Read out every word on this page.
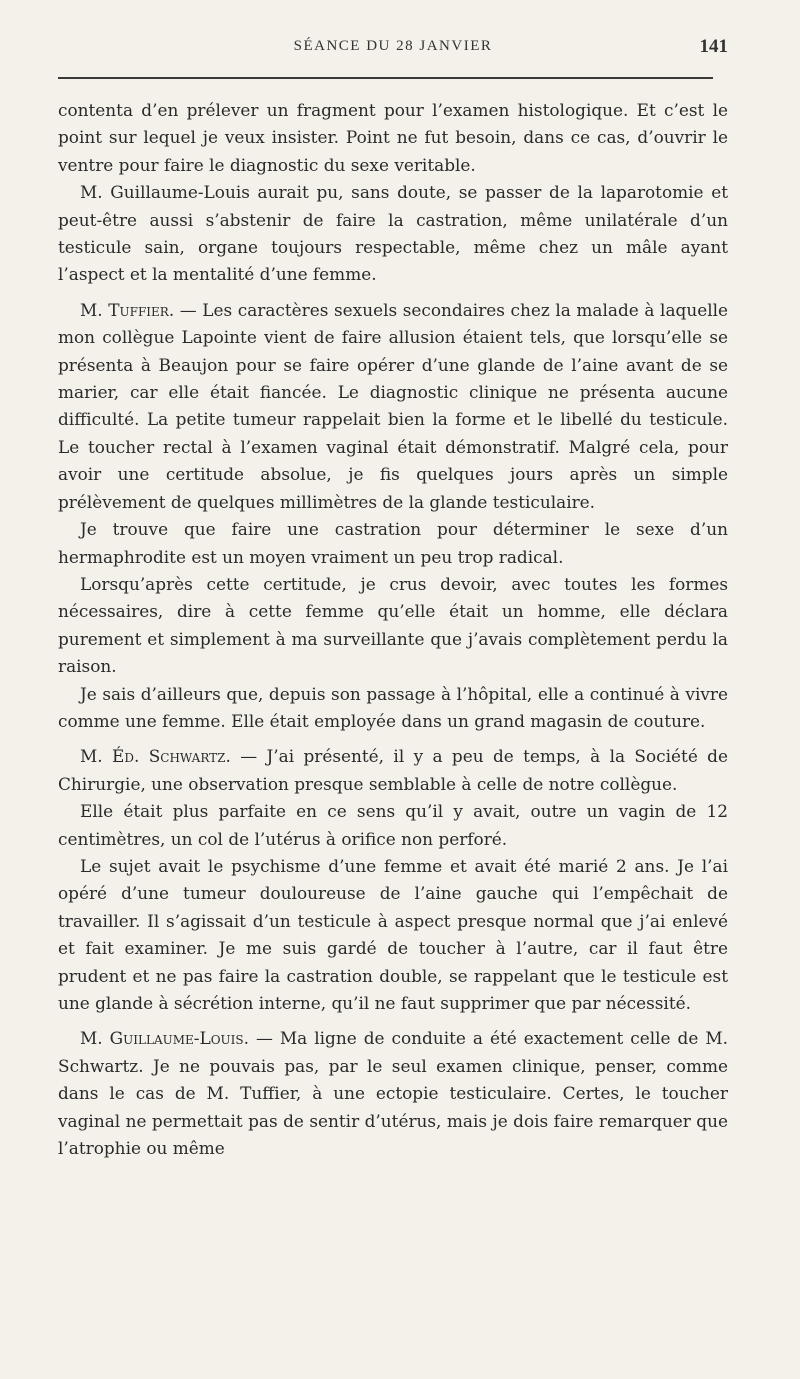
SÉANCE DU 28 JANVIER	141

contenta d’en prélever un fragment pour l’examen histologique. Et c’est le point sur lequel je veux insister. Point ne fut besoin, dans ce cas, d’ouvrir le ventre pour faire le diagnostic du sexe veritable.

M. Guillaume-Louis aurait pu, sans doute, se passer de la laparotomie et peut-être aussi s’abstenir de faire la castration, même unilatérale d’un testicule sain, organe toujours respectable, même chez un mâle ayant l’aspect et la mentalité d’une femme.

M. Tuffier. — Les caractères sexuels secondaires chez la malade à laquelle mon collègue Lapointe vient de faire allusion étaient tels, que lorsqu’elle se présenta à Beaujon pour se faire opérer d’une glande de l’aine avant de se marier, car elle était fiancée. Le diagnostic clinique ne présenta aucune difficulté. La petite tumeur rappelait bien la forme et le libellé du testicule. Le toucher rectal à l’examen vaginal était démonstratif. Malgré cela, pour avoir une certitude absolue, je fis quelques jours après un simple prélèvement de quelques millimètres de la glande testiculaire.

Je trouve que faire une castration pour déterminer le sexe d’un hermaphrodite est un moyen vraiment un peu trop radical.

Lorsqu’après cette certitude, je crus devoir, avec toutes les formes nécessaires, dire à cette femme qu’elle était un homme, elle déclara purement et simplement à ma surveillante que j’avais complètement perdu la raison.

Je sais d’ailleurs que, depuis son passage à l’hôpital, elle a continué à vivre comme une femme. Elle était employée dans un grand magasin de couture.

M. Éd. Schwartz. — J’ai présenté, il y a peu de temps, à la Société de Chirurgie, une observation presque semblable à celle de notre collègue.

Elle était plus parfaite en ce sens qu’il y avait, outre un vagin de 12 centimètres, un col de l’utérus à orifice non perforé.

Le sujet avait le psychisme d’une femme et avait été marié 2 ans. Je l’ai opéré d’une tumeur douloureuse de l’aine gauche qui l’empêchait de travailler. Il s’agissait d’un testicule à aspect presque normal que j’ai enlevé et fait examiner. Je me suis gardé de toucher à l’autre, car il faut être prudent et ne pas faire la castration double, se rappelant que le testicule est une glande à sécrétion interne, qu’il ne faut supprimer que par nécessité.

M. Guillaume-Louis. — Ma ligne de conduite a été exactement celle de M. Schwartz. Je ne pouvais pas, par le seul examen clinique, penser, comme dans le cas de M. Tuffier, à une ectopie testiculaire. Certes, le toucher vaginal ne permettait pas de sentir d’utérus, mais je dois faire remarquer que l’atrophie ou même
